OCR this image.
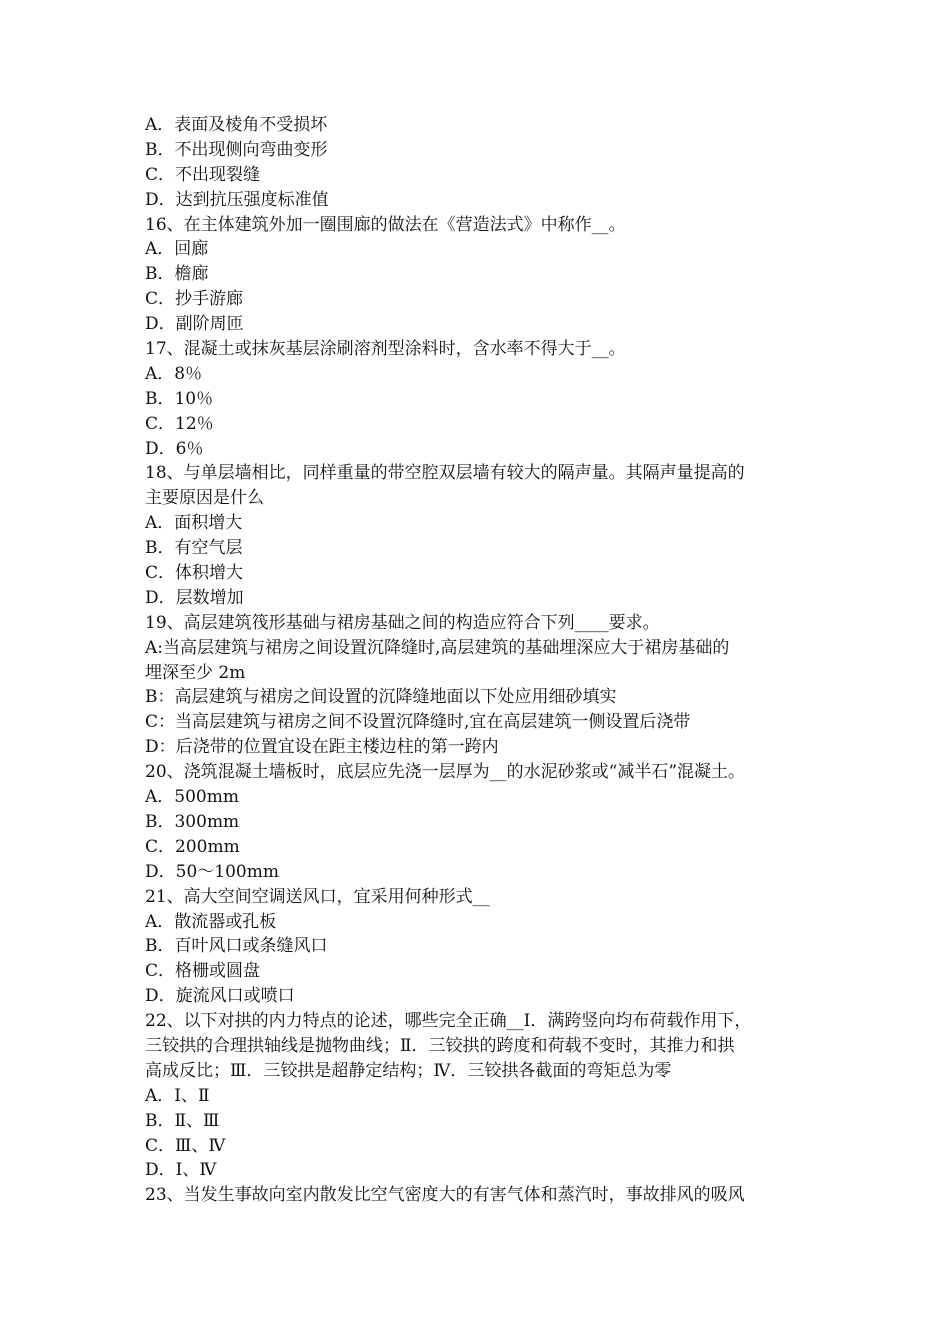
A．表面及棱角不受损坏
B．不出现侧向弯曲变形
C．不出现裂缝
D．达到抗压强度标准值
16、在主体建筑外加一圈围廊的做法在《营造法式》中称作__。
A．回廊
B．檐廊
C．抄手游廊
D．副阶周匝
17、混凝土或抹灰基层涂刷溶剂型涂料时，含水率不得大于__。
A．8％
B．10％
C．12％
D．6％
18、与单层墙相比，同样重量的带空腔双层墙有较大的隔声量。其隔声量提高的
主要原因是什么
A．面积增大
B．有空气层
C．体积增大
D．层数增加
19、高层建筑筏形基础与裙房基础之间的构造应符合下列____要求。
A:当高层建筑与裙房之间设置沉降缝时,高层建筑的基础埋深应大于裙房基础的
埋深至少 2m
B：高层建筑与裙房之间设置的沉降缝地面以下处应用细砂填实
C：当高层建筑与裙房之间不设置沉降缝时,宜在高层建筑一侧设置后浇带
D：后浇带的位置宜设在距主楼边柱的第一跨内
20、浇筑混凝土墙板时，底层应先浇一层厚为__的水泥砂浆或“减半石”混凝土。
A．500mm
B．300mm
C．200mm
D．50～100mm
21、高大空间空调送风口，宜采用何种形式__
A．散流器或孔板
B．百叶风口或条缝风口
C．格栅或圆盘
D．旋流风口或喷口
22、以下对拱的内力特点的论述，哪些完全正确__Ⅰ．满跨竖向均布荷载作用下，
三铰拱的合理拱轴线是抛物曲线；Ⅱ．三铰拱的跨度和荷载不变时，其推力和拱
高成反比；Ⅲ．三铰拱是超静定结构；Ⅳ．三铰拱各截面的弯矩总为零
A．Ⅰ、Ⅱ
B．Ⅱ、Ⅲ
C．Ⅲ、Ⅳ
D．Ⅰ、Ⅳ
23、当发生事故向室内散发比空气密度大的有害气体和蒸汽时，事故排风的吸风
